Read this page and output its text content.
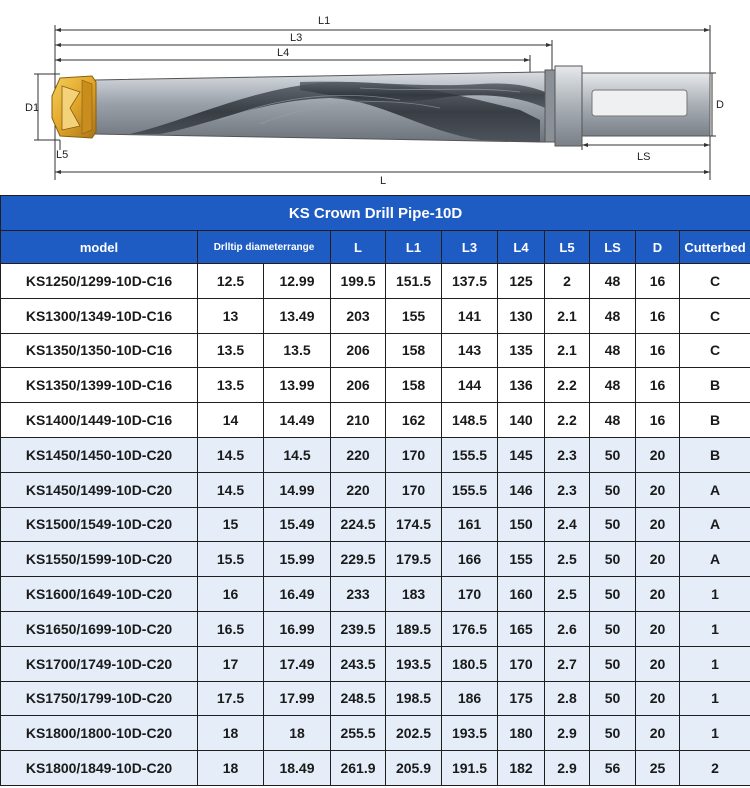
L1
L3
L4
D1	D
L5	LS
L
KS Crown Drill Pipe-10D										
model	Drlltip diameterrange		L	L1	L3	L4	L5	LS	D	Cutterbed
KS1250/1299-10D-C16	12.5	12.99	199.5	151.5	137.5	125	2	48	16	C
KS1300/1349-10D-C16	13	13.49	203	155	141	130	2.1	48	16	C
KS1350/1350-10D-C16	13.5	13.5	206	158	143	135	2.1	48	16	C
KS1350/1399-10D-C16	13.5	13.99	206	158	144	136	2.2	48	16	B
KS1400/1449-10D-C16	14	14.49	210	162	148.5	140	2.2	48	16	B
KS1450/1450-10D-C20	14.5	14.5	220	170	155.5	145	2.3	50	20	B
KS1450/1499-10D-C20	14.5	14.99	220	170	155.5	146	2.3	50	20	A
KS1500/1549-10D-C20	15	15.49	224.5	174.5	161	150	2.4	50	20	A
KS1550/1599-10D-C20	15.5	15.99	229.5	179.5	166	155	2.5	50	20	A
KS1600/1649-10D-C20	16	16.49	233	183	170	160	2.5	50	20	1
KS1650/1699-10D-C20	16.5	16.99	239.5	189.5	176.5	165	2.6	50	20	1
KS1700/1749-10D-C20	17	17.49	243.5	193.5	180.5	170	2.7	50	20	1
KS1750/1799-10D-C20	17.5	17.99	248.5	198.5	186	175	2.8	50	20	1
KS1800/1800-10D-C20	18	18	255.5	202.5	193.5	180	2.9	50	20	1
KS1800/1849-10D-C20	18	18.49	261.9	205.9	191.5	182	2.9	56	25	2
